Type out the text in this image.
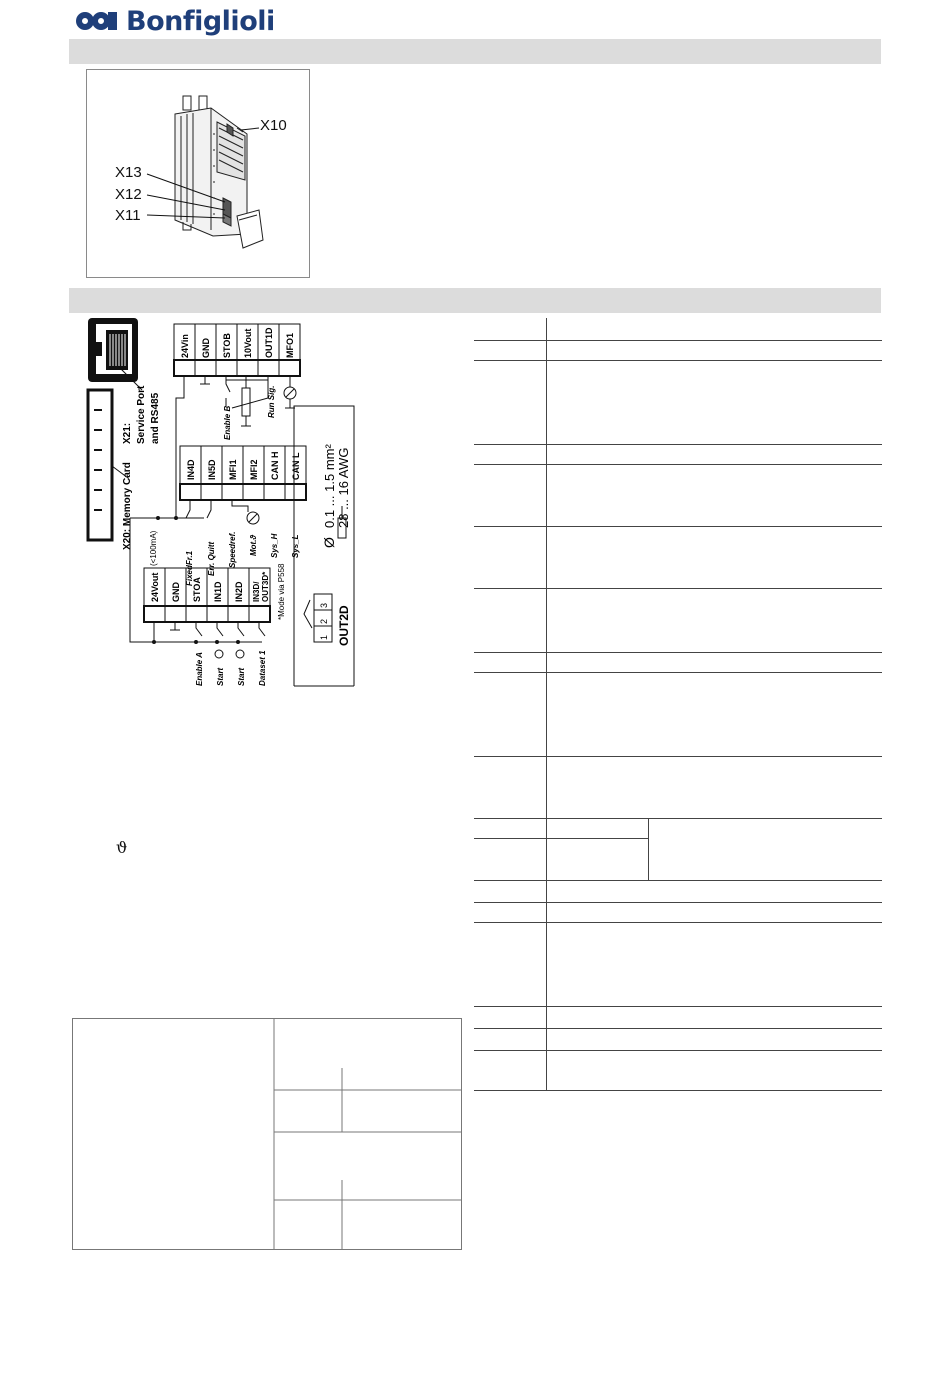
Bonfiglioli
X10
X13
X12
X11
X20: Memory Card
X21: Service Port and RS485
24Vin GND STOB 10Vout OUT1D MFO1
Enable B
Run Sig.
IN4D IN5D MFI1 MFI2 CAN H CAN L
FixedFr.1 Err. Quitt Speedref. Mot.ϑ Sys_H Sys_L
(<100mA)
0.1 ... 1.5 mm² 28 ... 16 AWG
Ø
24Vout GND STOA IN1D IN2D IN3D/OUT3D* *Mode via P558
Enable A Start Start Dataset 1
3
2
1 OUT2D
ϑ
